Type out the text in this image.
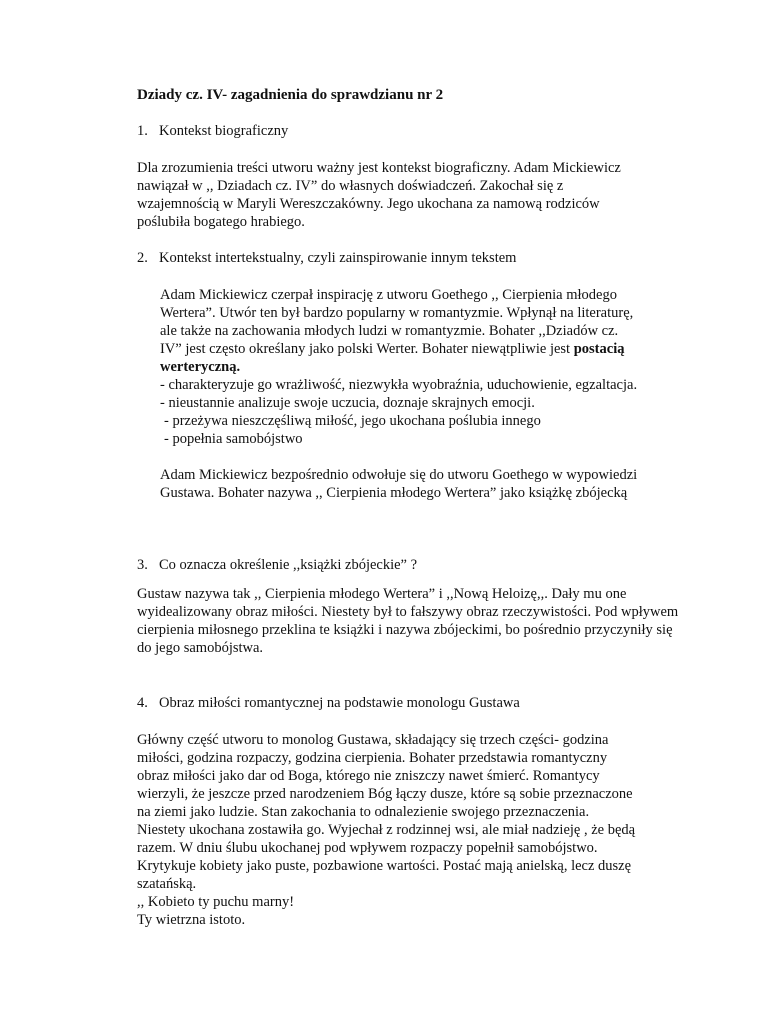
Dziady cz. IV- zagadnienia do sprawdzianu nr 2

1. Kontekst biograficzny

Dla zrozumienia treści utworu ważny jest kontekst biograficzny. Adam Mickiewicz

nawiązał w ,, Dziadach cz. IV” do własnych doświadczeń. Zakochał się z

wzajemnością w Maryli Wereszczakówny. Jego ukochana za namową rodziców

poślubiła bogatego hrabiego.

2. Kontekst intertekstualny, czyli zainspirowanie innym tekstem

Adam Mickiewicz czerpał inspirację z utworu Goethego ,, Cierpienia młodego

Wertera”. Utwór ten był bardzo popularny w romantyzmie. Wpłynął na literaturę,

ale także na zachowania młodych ludzi w romantyzmie. Bohater ,,Dziadów cz.

IV” jest często określany jako polski Werter. Bohater niewątpliwie jest postacią

werteryczną.

- charakteryzuje go wrażliwość, niezwykła wyobraźnia, uduchowienie, egzaltacja.

- nieustannie analizuje swoje uczucia, doznaje skrajnych emocji.

- przeżywa nieszczęśliwą miłość, jego ukochana poślubia innego

- popełnia samobójstwo

Adam Mickiewicz bezpośrednio odwołuje się do utworu Goethego w wypowiedzi

Gustawa. Bohater nazywa ,, Cierpienia młodego Wertera” jako książkę zbójecką

3. Co oznacza określenie ,,książki zbójeckie” ?

Gustaw nazywa tak ,, Cierpienia młodego Wertera” i ,,Nową Heloizę,,. Dały mu one

wyidealizowany obraz miłości. Niestety był to fałszywy obraz rzeczywistości. Pod wpływem

cierpienia miłosnego przeklina te książki i nazywa zbójeckimi, bo pośrednio przyczyniły się

do jego samobójstwa.

4. Obraz miłości romantycznej na podstawie monologu Gustawa

Główny część utworu to monolog Gustawa, składający się trzech części- godzina

miłości, godzina rozpaczy, godzina cierpienia. Bohater przedstawia romantyczny

obraz miłości jako dar od Boga, którego nie zniszczy nawet śmierć. Romantycy

wierzyli, że jeszcze przed narodzeniem Bóg łączy dusze, które są sobie przeznaczone

na ziemi jako ludzie. Stan zakochania to odnalezienie swojego przeznaczenia.

Niestety ukochana zostawiła go. Wyjechał z rodzinnej wsi, ale miał nadzieję , że będą

razem. W dniu ślubu ukochanej pod wpływem rozpaczy popełnił samobójstwo.

Krytykuje kobiety jako puste, pozbawione wartości. Postać mają anielską, lecz duszę

szatańską.

,, Kobieto ty puchu marny!

Ty wietrzna istoto.
